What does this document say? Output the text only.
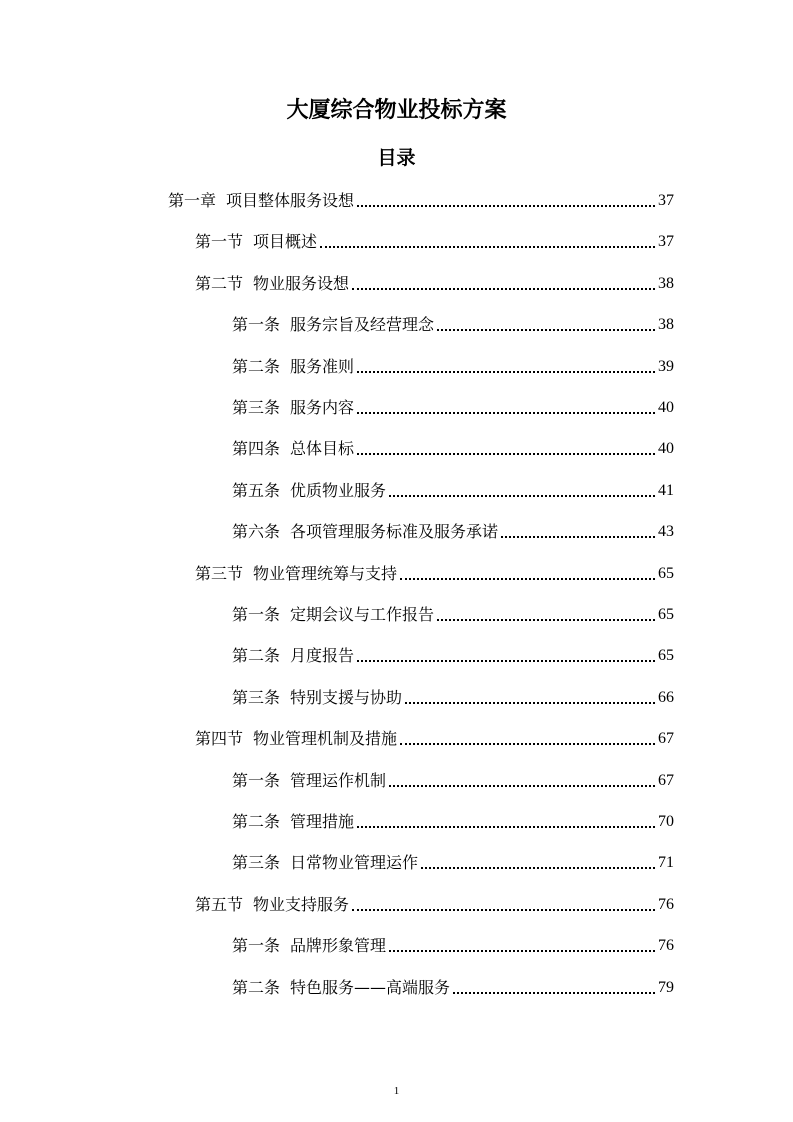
大厦综合物业投标方案
目录
第一章 项目整体服务设想	37
第一节 项目概述	37
第二节 物业服务设想	38
第一条 服务宗旨及经营理念	38
第二条 服务准则	39
第三条 服务内容	40
第四条 总体目标	40
第五条 优质物业服务	41
第六条 各项管理服务标准及服务承诺	43
第三节 物业管理统筹与支持	65
第一条 定期会议与工作报告	65
第二条 月度报告	65
第三条 特别支援与协助	66
第四节 物业管理机制及措施	67
第一条 管理运作机制	67
第二条 管理措施	70
第三条 日常物业管理运作	71
第五节 物业支持服务	76
第一条 品牌形象管理	76
第二条 特色服务——高端服务	79
1
